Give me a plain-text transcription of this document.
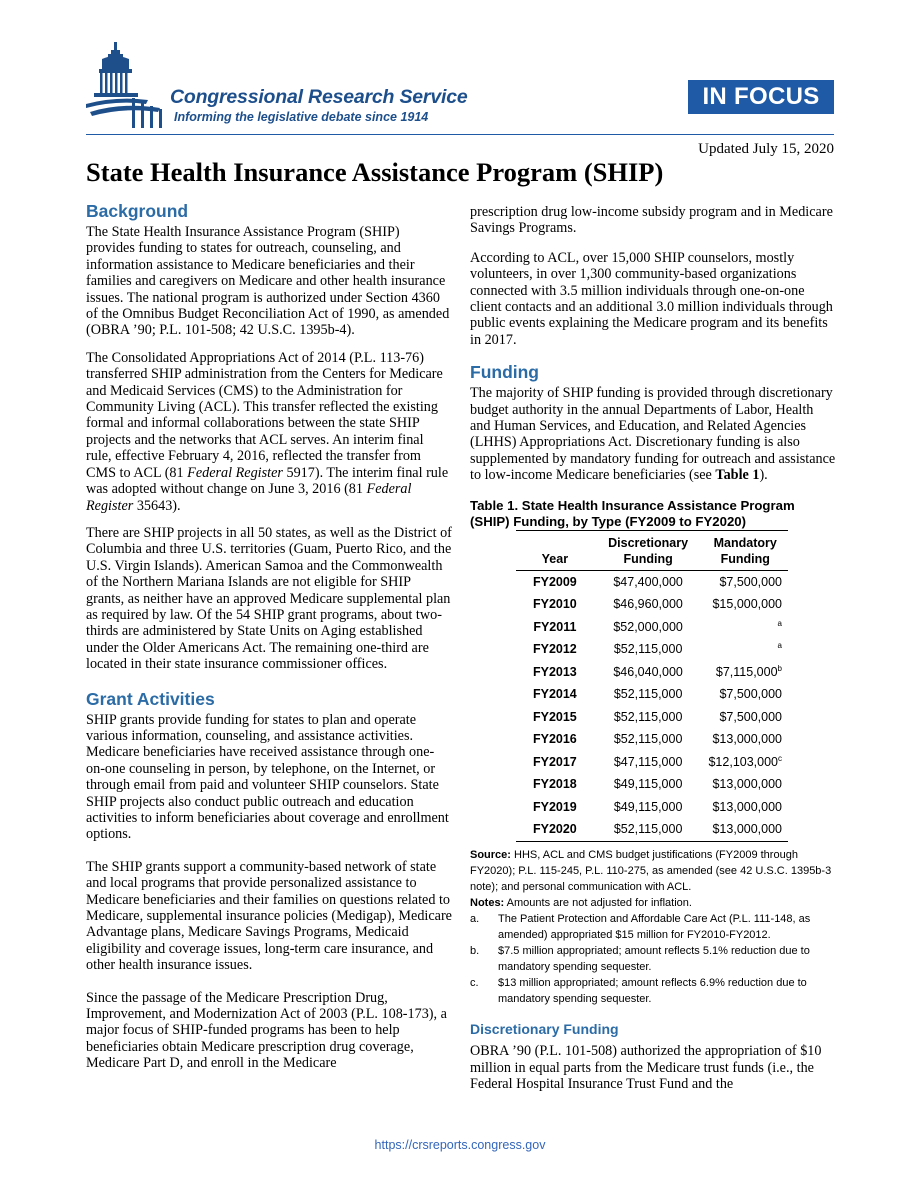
Congressional Research Service
Informing the legislative debate since 1914
IN FOCUS
Updated July 15, 2020
State Health Insurance Assistance Program (SHIP)
Background

The State Health Insurance Assistance Program (SHIP) provides funding to states for outreach, counseling, and information assistance to Medicare beneficiaries and their families and caregivers on Medicare and other health insurance issues. The national program is authorized under Section 4360 of the Omnibus Budget Reconciliation Act of 1990, as amended (OBRA ’90; P.L. 101-508; 42 U.S.C. 1395b-4).

The Consolidated Appropriations Act of 2014 (P.L. 113-76) transferred SHIP administration from the Centers for Medicare and Medicaid Services (CMS) to the Administration for Community Living (ACL). This transfer reflected the existing formal and informal collaborations between the state SHIP projects and the networks that ACL serves. An interim final rule, effective February 4, 2016, reflected the transfer from CMS to ACL (81 Federal Register 5917). The interim final rule was adopted without change on June 3, 2016 (81 Federal Register 35643).

There are SHIP projects in all 50 states, as well as the District of Columbia and three U.S. territories (Guam, Puerto Rico, and the U.S. Virgin Islands). American Samoa and the Commonwealth of the Northern Mariana Islands are not eligible for SHIP grants, as neither have an approved Medicare supplemental plan as required by law. Of the 54 SHIP grant programs, about two-thirds are administered by State Units on Aging established under the Older Americans Act. The remaining one-third are located in their state insurance commissioner offices.

Grant Activities

SHIP grants provide funding for states to plan and operate various information, counseling, and assistance activities. Medicare beneficiaries have received assistance through one-on-one counseling in person, by telephone, on the Internet, or through email from paid and volunteer SHIP counselors. State SHIP projects also conduct public outreach and education activities to inform beneficiaries about coverage and enrollment options.

The SHIP grants support a community-based network of state and local programs that provide personalized assistance to Medicare beneficiaries and their families on questions related to Medicare, supplemental insurance policies (Medigap), Medicare Advantage plans, Medicare Savings Programs, Medicaid eligibility and coverage issues, long-term care insurance, and other health insurance issues.

Since the passage of the Medicare Prescription Drug, Improvement, and Modernization Act of 2003 (P.L. 108-173), a major focus of SHIP-funded programs has been to help beneficiaries obtain Medicare prescription drug coverage, Medicare Part D, and enroll in the Medicare

prescription drug low-income subsidy program and in Medicare Savings Programs.

According to ACL, over 15,000 SHIP counselors, mostly volunteers, in over 1,300 community-based organizations connected with 3.5 million individuals through one-on-one client contacts and an additional 3.0 million individuals through public events explaining the Medicare program and its benefits in 2017.

Funding

The majority of SHIP funding is provided through discretionary budget authority in the annual Departments of Labor, Health and Human Services, and Education, and Related Agencies (LHHS) Appropriations Act. Discretionary funding is also supplemented by mandatory funding for outreach and assistance to low-income Medicare beneficiaries (see Table 1).

Table 1. State Health Insurance Assistance Program (SHIP) Funding, by Type (FY2009 to FY2020)
Year	Discretionary Funding	Mandatory Funding
FY2009	$47,400,000	$7,500,000
FY2010	$46,960,000	$15,000,000
FY2011	$52,000,000	$^a$
FY2012	$52,115,000	$^a$
FY2013	$46,040,000	$7,115,000$^b$
FY2014	$52,115,000	$7,500,000
FY2015	$52,115,000	$7,500,000
FY2016	$52,115,000	$13,000,000
FY2017	$47,115,000	$12,103,000$^c$
FY2018	$49,115,000	$13,000,000
FY2019	$49,115,000	$13,000,000
FY2020	$52,115,000	$13,000,000

Source: HHS, ACL and CMS budget justifications (FY2009 through FY2020); P.L. 115-245, P.L. 110-275, as amended (see 42 U.S.C. 1395b-3 note); and personal communication with ACL.

Notes: Amounts are not adjusted for inflation.

a.	The Patient Protection and Affordable Care Act (P.L. 111-148, as amended) appropriated $15 million for FY2010-FY2012.
b.	$7.5 million appropriated; amount reflects 5.1% reduction due to mandatory spending sequester.
c.	$13 million appropriated; amount reflects 6.9% reduction due to mandatory spending sequester.
Discretionary Funding

OBRA ’90 (P.L. 101-508) authorized the appropriation of $10 million in equal parts from the Medicare trust funds (i.e., the Federal Hospital Insurance Trust Fund and the

https://crsreports.congress.gov
